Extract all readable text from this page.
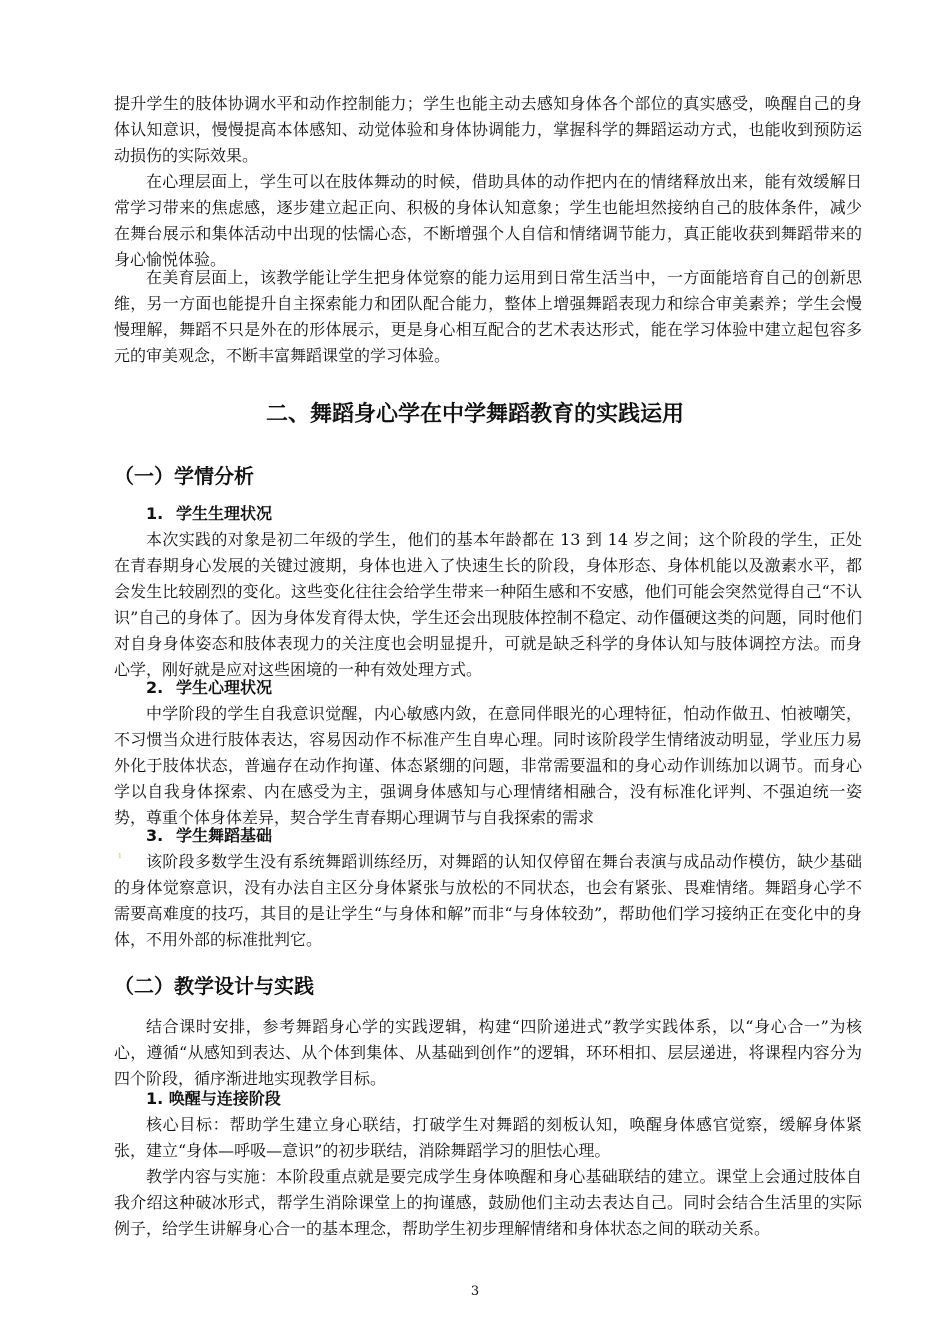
提升学生的肢体协调水平和动作控制能力；学生也能主动去感知身体各个部位的真实感受，唤醒自己的身体认知意识，慢慢提高本体感知、动觉体验和身体协调能力，掌握科学的舞蹈运动方式，也能收到预防运动损伤的实际效果。

在心理层面上，学生可以在肢体舞动的时候，借助具体的动作把内在的情绪释放出来，能有效缓解日常学习带来的焦虑感，逐步建立起正向、积极的身体认知意象；学生也能坦然接纳自己的肢体条件，减少在舞台展示和集体活动中出现的怯懦心态，不断增强个人自信和情绪调节能力，真正能收获到舞蹈带来的身心愉悦体验。

在美育层面上，该教学能让学生把身体觉察的能力运用到日常生活当中，一方面能培育自己的创新思维，另一方面也能提升自主探索能力和团队配合能力，整体上增强舞蹈表现力和综合审美素养；学生会慢慢理解，舞蹈不只是外在的形体展示，更是身心相互配合的艺术表达形式，能在学习体验中建立起包容多元的审美观念，不断丰富舞蹈课堂的学习体验。

二、舞蹈身心学在中学舞蹈教育的实践运用
（一）学情分析
1. 学生生理状况

本次实践的对象是初二年级的学生，他们的基本年龄都在 13 到 14 岁之间；这个阶段的学生，正处在青春期身心发展的关键过渡期，身体也进入了快速生长的阶段，身体形态、身体机能以及激素水平，都会发生比较剧烈的变化。这些变化往往会给学生带来一种陌生感和不安感，他们可能会突然觉得自己“不认识”自己的身体了。因为身体发育得太快，学生还会出现肢体控制不稳定、动作僵硬这类的问题，同时他们对自身身体姿态和肢体表现力的关注度也会明显提升，可就是缺乏科学的身体认知与肢体调控方法。而身心学，刚好就是应对这些困境的一种有效处理方式。

2. 学生心理状况

中学阶段的学生自我意识觉醒，内心敏感内敛，在意同伴眼光的心理特征，怕动作做丑、怕被嘲笑，不习惯当众进行肢体表达，容易因动作不标准产生自卑心理。同时该阶段学生情绪波动明显，学业压力易外化于肢体状态，普遍存在动作拘谨、体态紧绷的问题，非常需要温和的身心动作训练加以调节。而身心学以自我身体探索、内在感受为主，强调身体感知与心理情绪相融合，没有标准化评判、不强迫统一姿势，尊重个体身体差异，契合学生青春期心理调节与自我探索的需求

3. 学生舞蹈基础
1	该阶段多数学生没有系统舞蹈训练经历，对舞蹈的认知仅停留在舞台表演与成品动作模仿，缺少基础的身体觉察意识，没有办法自主区分身体紧张与放松的不同状态，也会有紧张、畏难情绪。舞蹈身心学不需要高难度的技巧，其目的是让学生“与身体和解”而非“与身体较劲”，帮助他们学习接纳正在变化中的身体，不用外部的标准批判它。

（二）教学设计与实践

结合课时安排，参考舞蹈身心学的实践逻辑，构建“四阶递进式”教学实践体系，以“身心合一”为核心，遵循“从感知到表达、从个体到集体、从基础到创作”的逻辑，环环相扣、层层递进，将课程内容分为四个阶段，循序渐进地实现教学目标。

1. 唤醒与连接阶段

核心目标：帮助学生建立身心联结，打破学生对舞蹈的刻板认知，唤醒身体感官觉察，缓解身体紧张，建立“身体—呼吸—意识”的初步联结，消除舞蹈学习的胆怯心理。

教学内容与实施：本阶段重点就是要完成学生身体唤醒和身心基础联结的建立。课堂上会通过肢体自我介绍这种破冰形式，帮学生消除课堂上的拘谨感，鼓励他们主动去表达自己。同时会结合生活里的实际例子，给学生讲解身心合一的基本理念，帮助学生初步理解情绪和身体状态之间的联动关系。

3
